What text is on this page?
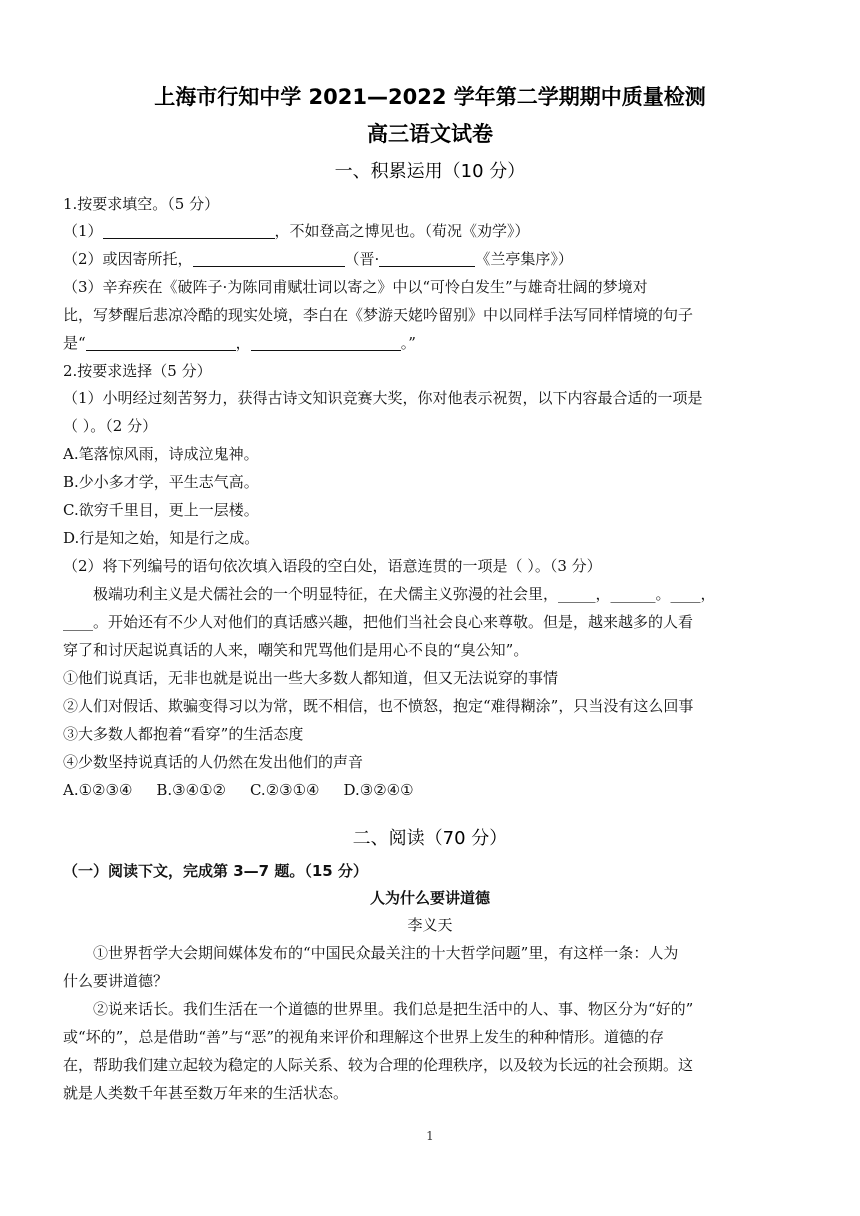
上海市行知中学 2021—2022 学年第二学期期中质量检测
高三语文试卷
一、积累运用（10 分）
1.按要求填空。（5 分）
（1）	，不如登高之博见也。（荀况《劝学》）
（2）或因寄所托，	（晋·	《兰亭集序》）
（3）辛弃疾在《破阵子·为陈同甫赋壮词以寄之》中以“可怜白发生”与雄奇壮阔的梦境对
比，写梦醒后悲凉冷酷的现实处境，李白在《梦游天姥吟留别》中以同样手法写同样情境的句子
是“	，	。”
2.按要求选择（5 分）
（1）小明经过刻苦努力，获得古诗文知识竞赛大奖，你对他表示祝贺，以下内容最合适的一项是
（ ）。（2 分）
A.笔落惊风雨，诗成泣鬼神。
B.少小多才学，平生志气高。
C.欲穷千里目，更上一层楼。
D.行是知之始，知是行之成。
（2）将下列编号的语句依次填入语段的空白处，语意连贯的一项是（ ）。（3 分）
极端功利主义是犬儒社会的一个明显特征，在犬儒主义弥漫的社会里，_____，______。____，
____。开始还有不少人对他们的真话感兴趣，把他们当社会良心来尊敬。但是，越来越多的人看
穿了和讨厌起说真话的人来，嘲笑和咒骂他们是用心不良的“臭公知”。
①他们说真话，无非也就是说出一些大多数人都知道，但又无法说穿的事情
②人们对假话、欺骗变得习以为常，既不相信，也不愤怒，抱定“难得糊涂”，只当没有这么回事
③大多数人都抱着“看穿”的生活态度
④少数坚持说真话的人仍然在发出他们的声音
A.①②③④ B.③④①② C.②③①④ D.③②④①
二、阅读（70 分）
（一）阅读下文，完成第 3—7 题。（15 分）
人为什么要讲道德
李义天
①世界哲学大会期间媒体发布的“中国民众最关注的十大哲学问题”里，有这样一条：人为
什么要讲道德？
②说来话长。我们生活在一个道德的世界里。我们总是把生活中的人、事、物区分为“好的”
或“坏的”，总是借助“善”与“恶”的视角来评价和理解这个世界上发生的种种情形。道德的存
在，帮助我们建立起较为稳定的人际关系、较为合理的伦理秩序，以及较为长远的社会预期。这
就是人类数千年甚至数万年来的生活状态。
1
